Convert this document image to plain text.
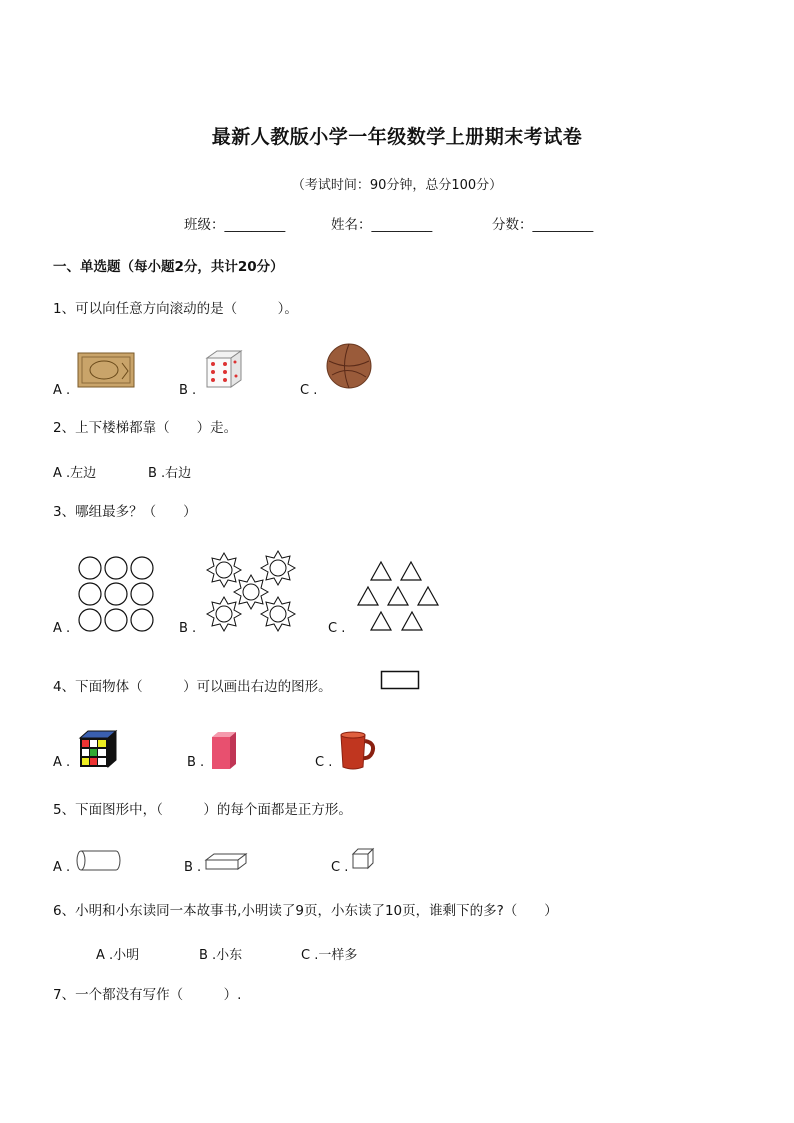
最新人教版小学一年级数学上册期末考试卷
（考试时间：90分钟，总分100分）
班级：_________	姓名：_________	分数：_________
一、单选题（每小题2分，共计20分）
1、可以向任意方向滚动的是（　　　）。
A .	B .	C .
2、上下楼梯都靠（　　）走。
A .左边	B .右边
3、哪组最多？（　　）
A .	B .	C .
4、下面物体（　　　）可以画出右边的图形。
A .	B .	C .
5、下面图形中，（　　　）的每个面都是正方形。
A .	B .	C .
6、小明和小东读同一本故事书,小明读了9页，小东读了10页，谁剩下的多?（　　）
A .小明	B .小东	C .一样多
7、一个都没有写作（　　　）.
